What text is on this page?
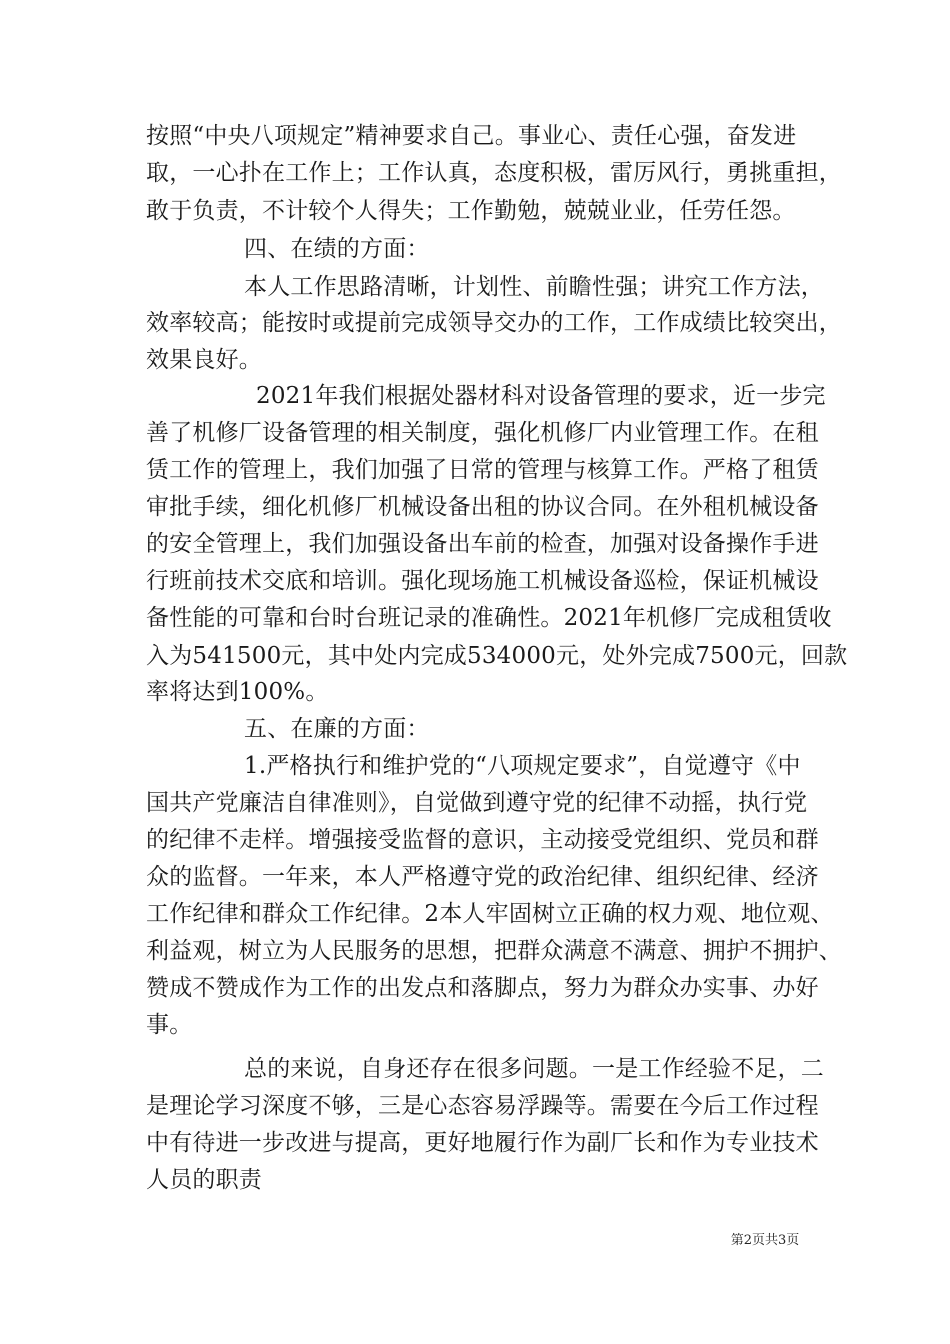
按照“中央八项规定”精神要求自己。事业心、责任心强，奋发进
取，一心扑在工作上；工作认真，态度积极，雷厉风行，勇挑重担，
敢于负责，不计较个人得失；工作勤勉，兢兢业业，任劳任怨。
四、在绩的方面：
本人工作思路清晰，计划性、前瞻性强；讲究工作方法，
效率较高；能按时或提前完成领导交办的工作，工作成绩比较突出，
效果良好。
2021年我们根据处器材科对设备管理的要求，近一步完
善了机修厂设备管理的相关制度，强化机修厂内业管理工作。在租
赁工作的管理上，我们加强了日常的管理与核算工作。严格了租赁
审批手续，细化机修厂机械设备出租的协议合同。在外租机械设备
的安全管理上，我们加强设备出车前的检查，加强对设备操作手进
行班前技术交底和培训。强化现场施工机械设备巡检，保证机械设
备性能的可靠和台时台班记录的准确性。2021年机修厂完成租赁收
入为541500元，其中处内完成534000元，处外完成7500元，回款
率将达到100%。
五、在廉的方面：
1.严格执行和维护党的“八项规定要求”，自觉遵守《中
国共产党廉洁自律准则》，自觉做到遵守党的纪律不动摇，执行党
的纪律不走样。增强接受监督的意识，主动接受党组织、党员和群
众的监督。一年来，本人严格遵守党的政治纪律、组织纪律、经济
工作纪律和群众工作纪律。2本人牢固树立正确的权力观、地位观、
利益观，树立为人民服务的思想，把群众满意不满意、拥护不拥护、
赞成不赞成作为工作的出发点和落脚点，努力为群众办实事、办好
事。
总的来说，自身还存在很多问题。一是工作经验不足，二
是理论学习深度不够，三是心态容易浮躁等。需要在今后工作过程
中有待进一步改进与提高，更好地履行作为副厂长和作为专业技术
人员的职责
第2页共3页
